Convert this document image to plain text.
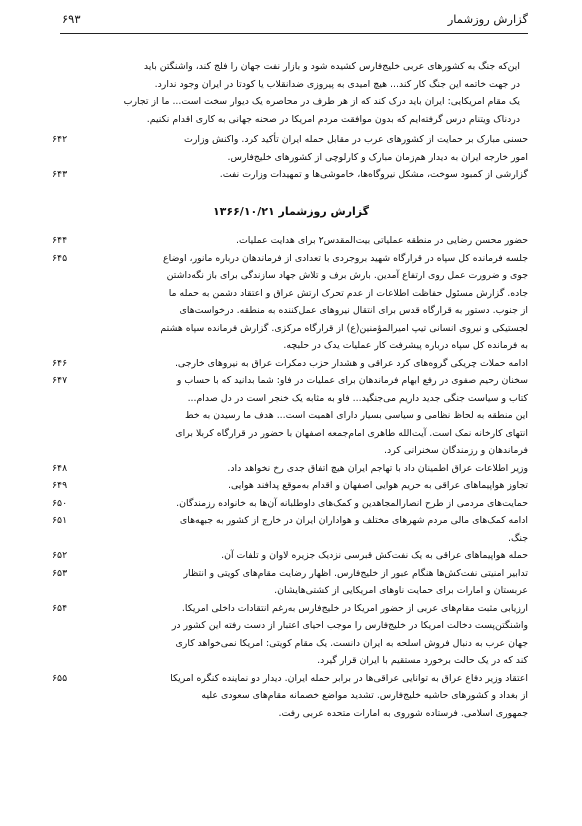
گزارش روزشمار
۶۹۳
این‌که جنگ به کشورهای عربی خلیج‌فارس کشیده شود و بازار نفت جهان را فلج کند، واشنگتن باید
در جهت خاتمه این جنگ کار کند... هیچ امیدی به پیروزی ضدانقلاب یا کودتا در ایران وجود ندارد.
یک مقام امریکایی: ایران باید درک کند که از هر طرف در محاصره یک دیوار سخت است... ما از تجارب
دردناک ویتنام درس گرفته‌ایم که بدون موافقت مردم امریکا در صحنه جهانی به کاری اقدام نکنیم.
۶۴۲	حسنی مبارک بر حمایت از کشورهای عرب در مقابل حمله ایران تأکید کرد. واکنش وزارت
امور خارجه ایران به دیدار هم‌زمان مبارک و کارلوچی از کشورهای خلیج‌فارس.
۶۴۳	گزارشی از کمبود سوخت، مشکل نیروگاه‌ها، خاموشی‌ها و تمهیدات وزارت نفت.
گزارش روزشمار ۱۳۶۶/۱۰/۲۱
۶۴۴	حضور محسن رضایی در منطقه عملیاتی بیت‌المقدس۲ برای هدایت عملیات.
۶۴۵	جلسه فرمانده کل سپاه در قرارگاه شهید بروجردی با تعدادی از فرماندهان درباره مانور، اوضاع
جوی و ضرورت عمل روی ارتفاع آمدین. بارش برف و تلاش جهاد سازندگی برای باز نگه‌داشتن
جاده. گزارش مسئول حفاظت اطلاعات از عدم تحرک ارتش عراق و اعتقاد دشمن به حمله ما
از جنوب. دستور به قرارگاه قدس برای انتقال نیروهای عمل‌کننده به منطقه. درخواست‌های
لجستیکی و نیروی انسانی تیپ امیرالمؤمنین(ع) از قرارگاه مرکزی. گزارش فرمانده سپاه هشتم
به فرمانده کل سپاه درباره پیشرفت کار عملیات یدک در حلبچه.
۶۴۶	ادامه حملات چریکی گروه‌های کرد عراقی و هشدار حزب دمکرات عراق به نیروهای خارجی.
۶۴۷	سخنان رحیم صفوی در رفع ابهام فرماندهان برای عملیات در فاو: شما بدانید که با حساب و
کتاب و سیاست جنگی جدید داریم می‌جنگید... فاو به مثابه یک خنجر است در دل صدام...
این منطقه به لحاظ نظامی و سیاسی بسیار دارای اهمیت است... هدف ما رسیدن به خط
انتهای کارخانه نمک است. آیت‌الله طاهری امام‌جمعه اصفهان با حضور در قرارگاه کربلا برای
فرماندهان و رزمندگان سخنرانی کرد.
۶۴۸	وزیر اطلاعات عراق اطمینان داد با تهاجم ایران هیچ اتفاق جدی رخ نخواهد داد.
۶۴۹	تجاوز هواپیماهای عراقی به حریم هوایی اصفهان و اقدام به‌موقع پدافند هوایی.
۶۵۰	حمایت‌های مردمی از طرح انصارالمجاهدین و کمک‌های داوطلبانه آن‌ها به خانواده رزمندگان.
۶۵۱	ادامه کمک‌های مالی مردم شهرهای مختلف و هواداران ایران در خارج از کشور به جبهه‌های
جنگ.
۶۵۲	حمله هواپیماهای عراقی به یک نفت‌کش قبرسی نزدیک جزیره لاوان و تلفات آن.
۶۵۳	تدابیر امنیتی نفت‌کش‌ها هنگام عبور از خلیج‌فارس. اظهار رضایت مقام‌های کویتی و انتظار
عربستان و امارات برای حمایت ناوهای امریکایی از کشتی‌هایشان.
۶۵۴	ارزیابی مثبت مقام‌های عربی از حضور امریکا در خلیج‌فارس به‌رغم انتقادات داخلی امریکا.
واشنگتن‌پست دخالت امریکا در خلیج‌فارس را موجب احیای اعتبار از دست رفته این کشور در
جهان عرب به دنبال فروش اسلحه به ایران دانست. یک مقام کویتی: امریکا نمی‌خواهد کاری
کند که در یک حالت برخورد مستقیم با ایران قرار گیرد.
۶۵۵	اعتقاد وزیر دفاع عراق به توانایی عراقی‌ها در برابر حمله ایران. دیدار دو نماینده کنگره امریکا
از بغداد و کشورهای حاشیه خلیج‌فارس. تشدید مواضع خصمانه مقام‌های سعودی علیه
جمهوری اسلامی. فرستاده شوروی به امارات متحده عربی رفت.
